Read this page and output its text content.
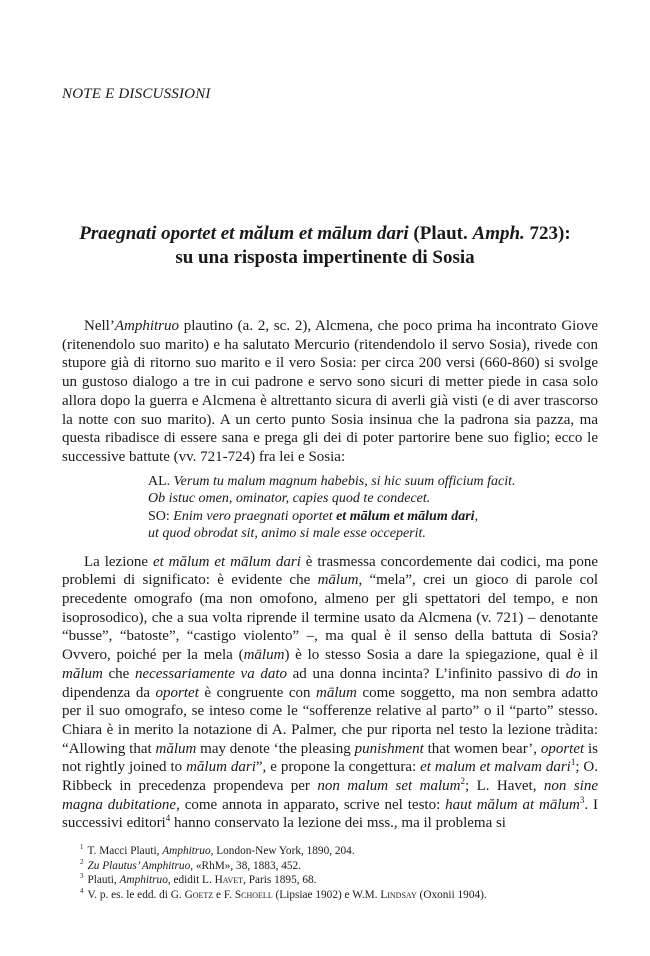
NOTE E DISCUSSIONI
Praegnati oportet et mălum et mālum dari (Plaut. Amph. 723):
su una risposta impertinente di Sosia

Nell’Amphitruo plautino (a. 2, sc. 2), Alcmena, che poco prima ha incontrato Giove (ritenendolo suo marito) e ha salutato Mercurio (ritendendolo il servo Sosia), rivede con stupore già di ritorno suo marito e il vero Sosia: per circa 200 versi (660-860) si svolge un gustoso dialogo a tre in cui padrone e servo sono sicuri di metter piede in casa solo allora dopo la guerra e Alcmena è altrettanto sicura di averli già visti (e di aver trascorso la notte con suo marito). A un certo punto Sosia insinua che la padrona sia pazza, ma questa ribadisce di essere sana e prega gli dei di poter partorire bene suo figlio; ecco le successive battute (vv. 721-724) fra lei e Sosia:

AL. Verum tu malum magnum habebis, si hic suum officium facit.
Ob istuc omen, ominator, capies quod te condecet.
SO: Enim vero praegnati oportet et mālum et mālum dari,
ut quod obrodat sit, animo si male esse occeperit.

La lezione et mălum et mālum dari è trasmessa concordemente dai codici, ma pone problemi di significato: è evidente che mālum, “mela”, crei un gioco di parole col precedente omografo (ma non omofono, almeno per gli spettatori del tempo, e non isoprosodico), che a sua volta riprende il termine usato da Alcmena (v. 721) – denotante “busse”, “batoste”, “castigo violento” –, ma qual è il senso della battuta di Sosia? Ovvero, poiché per la mela (mālum) è lo stesso Sosia a dare la spiegazione, qual è il mălum che necessariamente va dato ad una donna incinta? L’infinito passivo di do in dipendenza da oportet è congruente con mālum come soggetto, ma non sembra adatto per il suo omografo, se inteso come le “sofferenze relative al parto” o il “parto” stesso. Chiara è in merito la notazione di A. Palmer, che pur riporta nel testo la lezione tràdita: “Allowing that mălum may denote ‘the pleasing punishment that women bear’, oportet is not rightly joined to mălum dari”, e propone la congettura: et malum et malvam dari$^1$; O. Ribbeck in precedenza propendeva per non malum set malum$^2$; L. Havet, non sine magna dubitatione, come annota in apparato, scrive nel testo: haut mălum at mālum$^3$. I successivi editori$^4$ hanno conservato la lezione dei mss., ma il problema si

$^1$ T. Macci Plauti, Amphitruo, London-New York, 1890, 204.
$^2$ Zu Plautus’ Amphitruo, «RhM», 38, 1883, 452.
$^3$ Plauti, Amphitruo, edidit L. Havet, Paris 1895, 68.
$^4$ V. p. es. le edd. di G. Goetz e F. Schoell (Lipsiae 1902) e W.M. Lindsay (Oxonii 1904).
